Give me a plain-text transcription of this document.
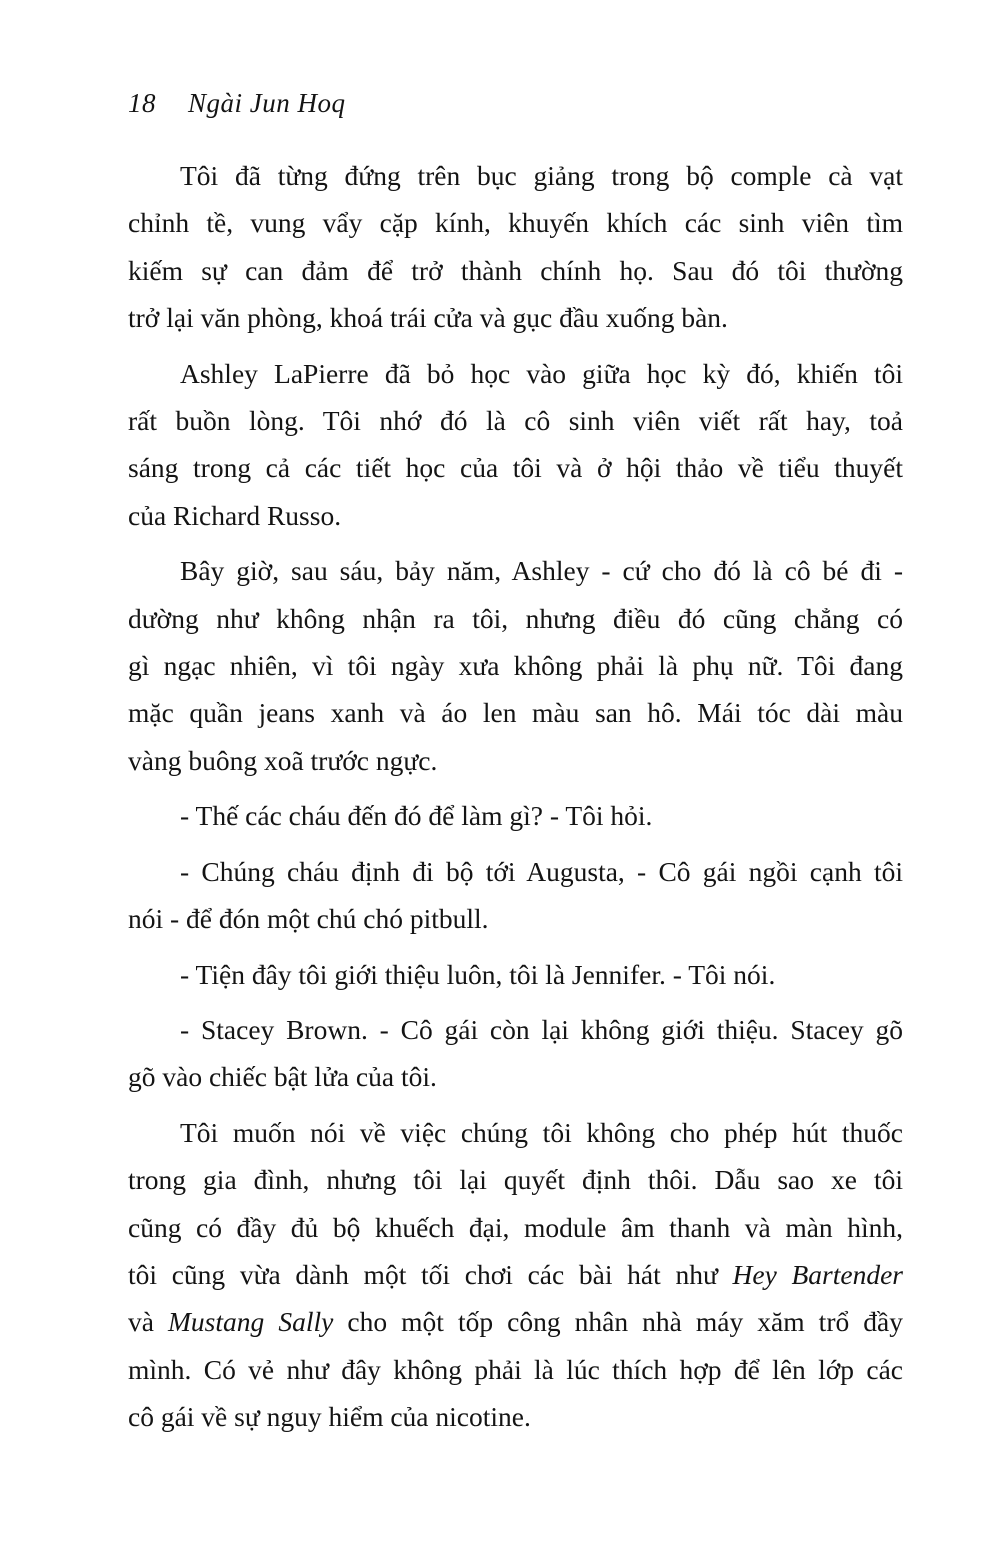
18 Ngài Jun Hoq
Tôi đã từng đứng trên bục giảng trong bộ comple cà vạt
chỉnh tề, vung vẩy cặp kính, khuyến khích các sinh viên tìm
kiếm sự can đảm để trở thành chính họ. Sau đó tôi thường
trở lại văn phòng, khoá trái cửa và gục đầu xuống bàn.
Ashley LaPierre đã bỏ học vào giữa học kỳ đó, khiến tôi
rất buồn lòng. Tôi nhớ đó là cô sinh viên viết rất hay, toả
sáng trong cả các tiết học của tôi và ở hội thảo về tiểu thuyết
của Richard Russo.
Bây giờ, sau sáu, bảy năm, Ashley - cứ cho đó là cô bé đi -
dường như không nhận ra tôi, nhưng điều đó cũng chẳng có
gì ngạc nhiên, vì tôi ngày xưa không phải là phụ nữ. Tôi đang
mặc quần jeans xanh và áo len màu san hô. Mái tóc dài màu
vàng buông xoã trước ngực.
- Thế các cháu đến đó để làm gì? - Tôi hỏi.
- Chúng cháu định đi bộ tới Augusta, - Cô gái ngồi cạnh tôi
nói - để đón một chú chó pitbull.
- Tiện đây tôi giới thiệu luôn, tôi là Jennifer. - Tôi nói.
- Stacey Brown. - Cô gái còn lại không giới thiệu. Stacey gõ
gõ vào chiếc bật lửa của tôi.
Tôi muốn nói về việc chúng tôi không cho phép hút thuốc
trong gia đình, nhưng tôi lại quyết định thôi. Dẫu sao xe tôi
cũng có đầy đủ bộ khuếch đại, module âm thanh và màn hình,
tôi cũng vừa dành một tối chơi các bài hát như Hey Bartender
và Mustang Sally cho một tốp công nhân nhà máy xăm trổ đầy
mình. Có vẻ như đây không phải là lúc thích hợp để lên lớp các
cô gái về sự nguy hiểm của nicotine.
